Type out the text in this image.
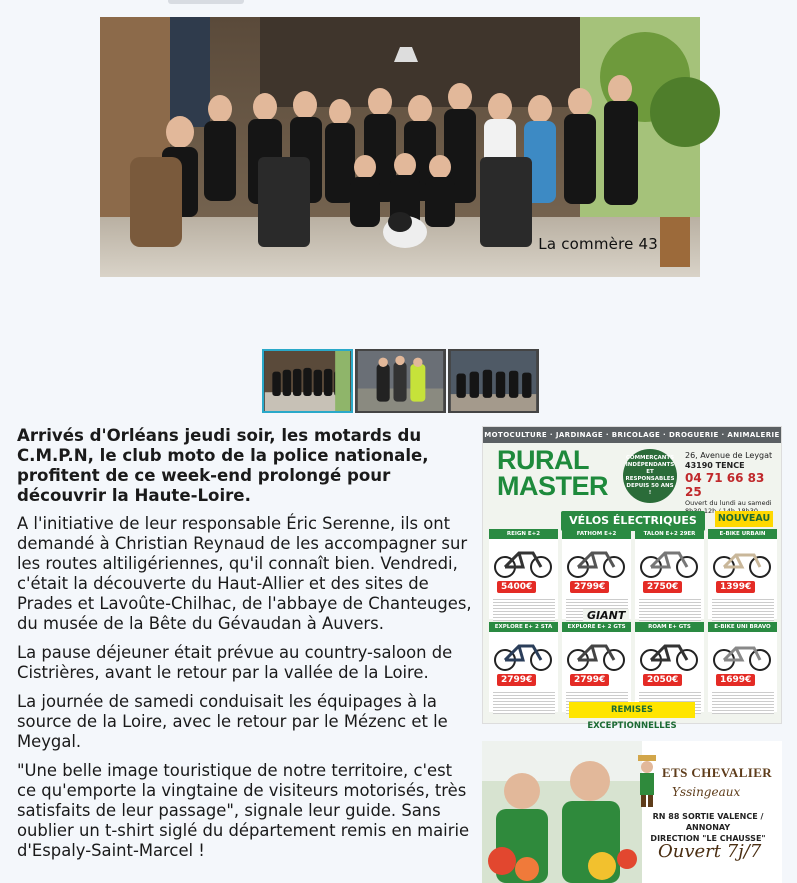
La commère 43

Arrivés d'Orléans jeudi soir, les motards du C.M.P.N, le club moto de la police nationale, profitent de ce week-end prolongé pour découvrir la Haute-Loire.

A l'initiative de leur responsable Éric Serenne, ils ont demandé à Christian Reynaud de les accompagner sur les routes altiligériennes, qu'il connaît bien. Vendredi, c'était la découverte du Haut-Allier et des sites de Prades et Lavoûte-Chilhac, de l'abbaye de Chanteuges, du musée de la Bête du Gévaudan à Auvers.

La pause déjeuner était prévue au country-saloon de Cistrières, avant le retour par la vallée de la Loire.

La journée de samedi conduisait les équipages à la source de la Loire, avec le retour par le Mézenc et le Meygal.

"Une belle image touristique de notre territoire, c'est ce qu'emporte la vingtaine de visiteurs motorisés, très satisfaits de leur passage", signale leur guide. Sans oublier un t-shirt siglé du département remis en mairie d'Espaly-Saint-Marcel !

MOTOCULTURE · JARDINAGE · BRICOLAGE · DROGUERIE · ANIMALERIE
RURAL
MASTER
COMMERÇANTS INDÉPENDANTS ET RESPONSABLES DEPUIS 50 ANS !
26, Avenue de Leygat
43190 TENCE
04 71 66 83 25
Ouvert du lundi au samedi
VÉLOS ÉLECTRIQUES	NOUVEAU
REIGN E+2
5400€
FATHOM E+2
2799€
TALON E+2 29ER
2750€
E-BIKE URBAIN
1399€
EXPLORE E+ 2 STA
2799€
EXPLORE E+ 2 GTS
2799€
ROAM E+ GTS
2050€
E-BIKE UNI BRAVO
1699€
GIANT
REMISES EXCEPTIONNELLES
ETS CHEVALIER
Yssingeaux
RN 88 SORTIE VALENCE / ANNONAY
DIRECTION "LE CHAUSSE"
Ouvert 7j/7
